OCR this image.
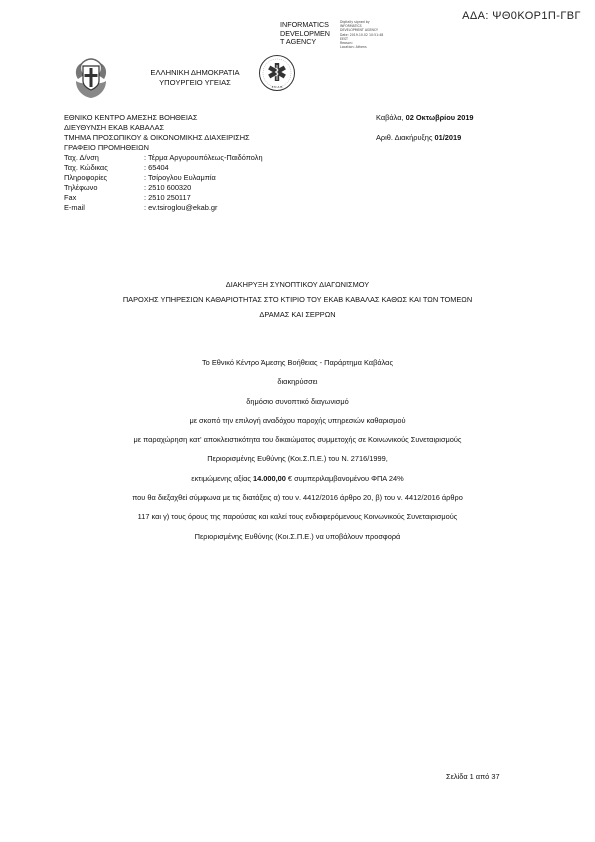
ΑΔΑ: ΨΘ0ΚΟΡ1Π-ΓΒΓ
INFORMATICS
DEVELOPMEN
T AGENCY
Digitally signed by
INFORMATICS
DEVELOPMENT AGENCY
Date: 2019.10.02 10:51:48
EEST
Reason:
Location: Athens
ΕΛΛΗΝΙΚΗ ΔΗΜΟΚΡΑΤΙΑ
ΥΠΟΥΡΓΕΙΟ ΥΓΕΙΑΣ	E K A B
ΕΘΝΙΚΟ ΚΕΝΤΡΟ ΑΜΕΣΗΣ ΒΟΗΘΕΙΑΣ
ΔΙΕΥΘΥΝΣΗ ΕΚΑΒ ΚΑΒΑΛΑΣ
ΤΜΗΜΑ ΠΡΟΣΩΠΙΚΟΥ & ΟΙΚΟΝΟΜΙΚΗΣ ΔΙΑΧΕΙΡΙΣΗΣ
ΓΡΑΦΕΙΟ ΠΡΟΜΗΘΕΙΩΝ
Ταχ. Δ/νση	: Τέρμα Αργυρουπόλεως-Παιδόπολη
Ταχ. Κώδικας	: 65404
Πληροφορίες	: Τσίρογλου Ευλαμπία
Τηλέφωνο	: 2510 600320
Fax	: 2510 250117
E-mail	: ev.tsiroglou@ekab.gr
Καβάλα, 02 Οκτωβρίου 2019
Αριθ. Διακήρυξης 01/2019
ΔΙΑΚΗΡΥΞΗ ΣΥΝΟΠΤΙΚΟΥ ΔΙΑΓΩΝΙΣΜΟΥ
ΠΑΡΟΧΗΣ ΥΠΗΡΕΣΙΩΝ ΚΑΘΑΡΙΟΤΗΤΑΣ ΣΤΟ ΚΤΙΡΙΟ ΤΟΥ ΕΚΑΒ ΚΑΒΑΛΑΣ ΚΑΘΩΣ ΚΑΙ ΤΩΝ ΤΟΜΕΩΝ
ΔΡΑΜΑΣ ΚΑΙ ΣΕΡΡΩΝ
Το Εθνικό Κέντρο Άμεσης Βοήθειας - Παράρτημα Καβάλας
διακηρύσσει
δημόσιο συνοπτικό διαγωνισμό
με σκοπό την επιλογή αναδόχου παροχής υπηρεσιών καθαρισμού
με παραχώρηση κατ' αποκλειστικότητα του δικαιώματος συμμετοχής σε Κοινωνικούς Συνεταιρισμούς
Περιορισμένης Ευθύνης (Κοι.Σ.Π.Ε.) του Ν. 2716/1999,
εκτιμώμενης αξίας 14.000,00 € συμπεριλαμβανομένου ΦΠΑ 24%
που θα διεξαχθεί σύμφωνα με τις διατάξεις α) του ν. 4412/2016 άρθρο 20, β) του ν. 4412/2016 άρθρο
117 και γ) τους όρους της παρούσας και καλεί τους ενδιαφερόμενους Κοινωνικούς Συνεταιρισμούς
Περιορισμένης Ευθύνης (Κοι.Σ.Π.Ε.) να υποβάλουν προσφορά
Σελίδα 1 από 37
